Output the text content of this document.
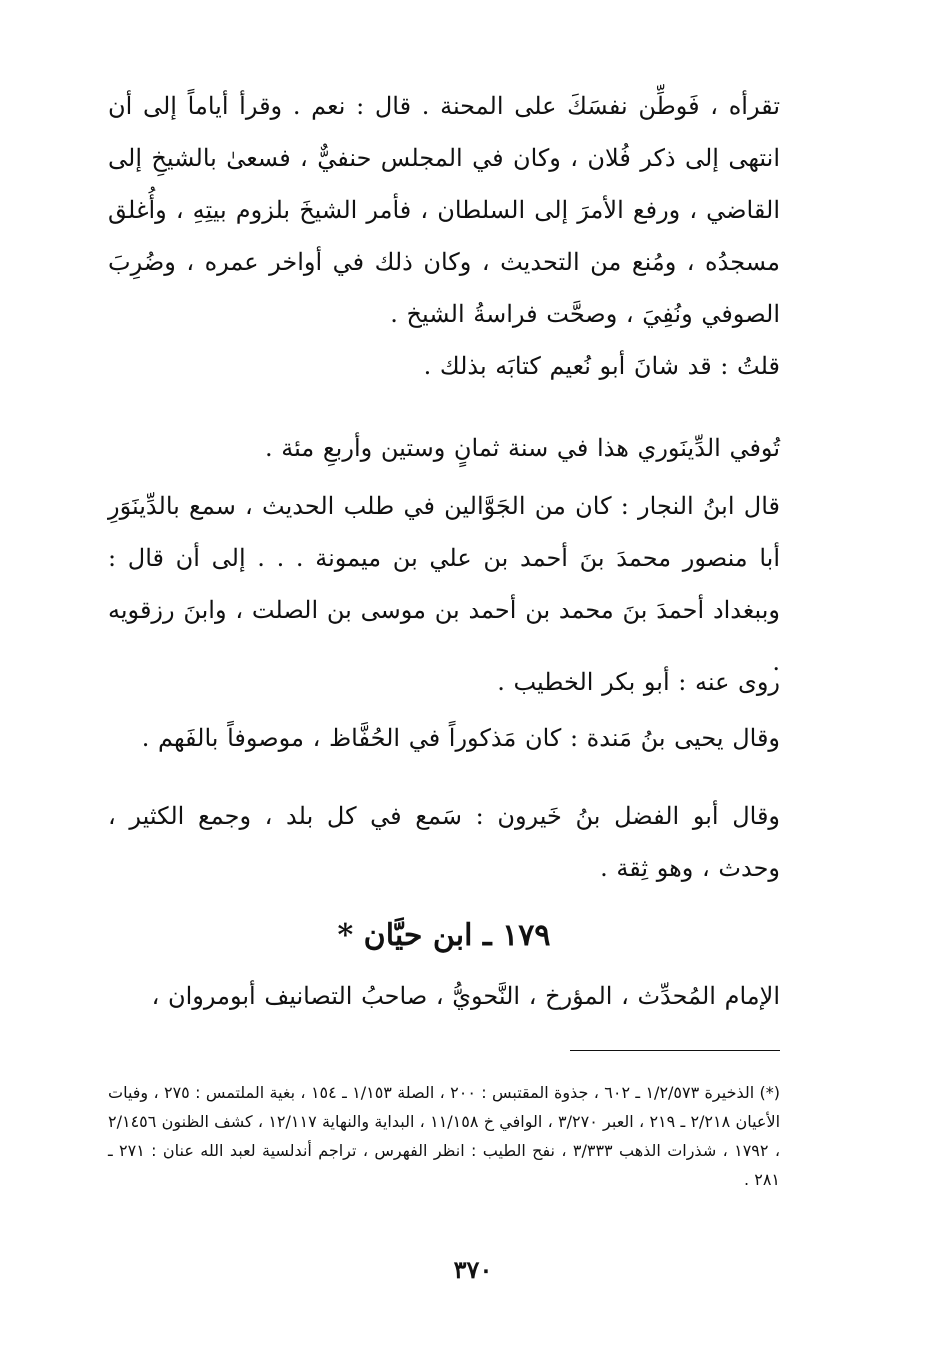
تقرأه ، فَوطِّن نفسَكَ على المحنة . قال : نعم . وقرأ أياماً إلى أن انتهى إلى ذكر فُلان ، وكان في المجلس حنفيٌّ ، فسعىٰ بالشيخِ إلى القاضي ، ورفع الأمرَ إلى السلطان ، فأمر الشيخَ بلزوم بيتِهِ ، وأُغلق مسجدُه ، ومُنع من التحديث ، وكان ذلك في أواخر عمره ، وضُرِبَ الصوفي ونُفِيَ ، وصحَّت فراسةُ الشيخ .

قلتُ : قد شانَ أبو نُعيم كتابَه بذلك .

تُوفي الدِّينَوري هذا في سنة ثمانٍ وستين وأربعِ مئة .

قال ابنُ النجار : كان من الجَوَّالين في طلب الحديث ، سمع بالدِّينَوَرِ أبا منصور محمدَ بنَ أحمد بن علي بن ميمونة . . . إلى أن قال : وببغداد أحمدَ بنَ محمد بن أحمد بن موسى بن الصلت ، وابنَ رزقويه .

روى عنه : أبو بكر الخطيب .

وقال يحيى بنُ مَندة : كان مَذكوراً في الحُفَّاظ ، موصوفاً بالفَهم .

وقال أبو الفضل بنُ خَيرون : سَمع في كل بلد ، وجمع الكثير ، وحدث ، وهو ثِقة .

١٧٩ ـ ابن حيَّان *

الإمام المُحدِّث ، المؤرخ ، النَّحويُّ ، صاحبُ التصانيف أبومروان ،

(*) الذخيرة ١/٢/٥٧٣ ـ ٦٠٢ ، جذوة المقتبس : ٢٠٠ ، الصلة ١/١٥٣ ـ ١٥٤ ، بغية الملتمس : ٢٧٥ ، وفيات الأعيان ٢/٢١٨ ـ ٢١٩ ، العبر ٣/٢٧٠ ، الوافي خ ١١/١٥٨ ، البداية والنهاية ١٢/١١٧ ، كشف الظنون ٢/١٤٥٦ ، ١٧٩٢ ، شذرات الذهب ٣/٣٣٣ ، نفح الطيب : انظر الفهرس ، تراجم أندلسية لعبد الله عنان : ٢٧١ ـ ٢٨١ .

٣٧٠
